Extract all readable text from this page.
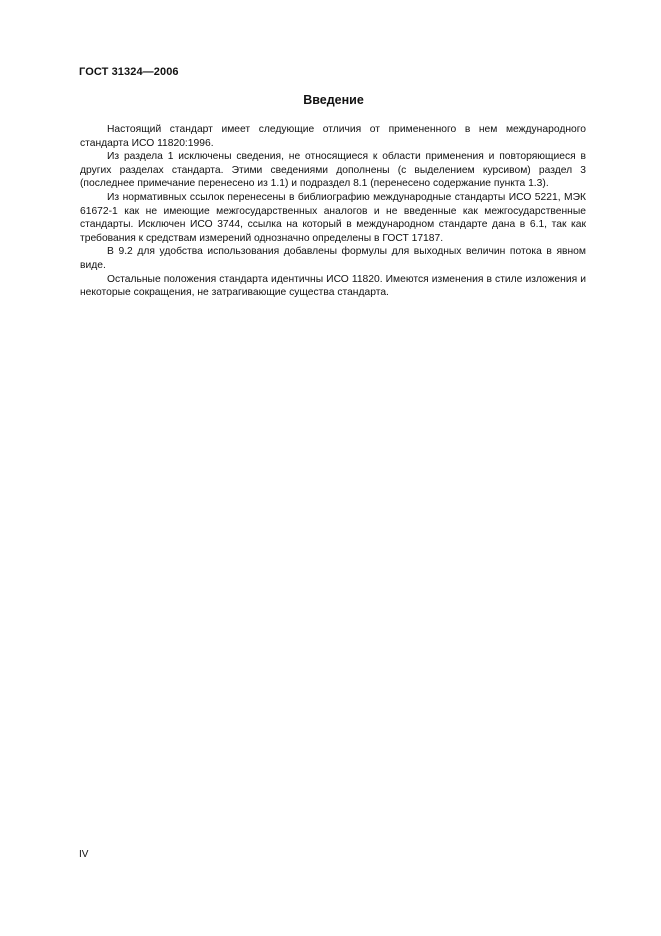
ГОСТ 31324—2006
Введение

Настоящий стандарт имеет следующие отличия от примененного в нем международного стандарта ИСО 11820:1996.

Из раздела 1 исключены сведения, не относящиеся к области применения и повторяющиеся в других разделах стандарта. Этими сведениями дополнены (с выделением курсивом) раздел 3 (последнее примечание перенесено из 1.1) и подраздел 8.1 (перенесено содержание пункта 1.3).

Из нормативных ссылок перенесены в библиографию международные стандарты ИСО 5221, МЭК 61672-1 как не имеющие межгосударственных аналогов и не введенные как межгосударственные стандарты. Исключен ИСО 3744, ссылка на который в международном стандарте дана в 6.1, так как требования к средствам измерений однозначно определены в ГОСТ 17187.

В 9.2 для удобства использования добавлены формулы для выходных величин потока в явном виде.

Остальные положения стандарта идентичны ИСО 11820. Имеются изменения в стиле изложения и некоторые сокращения, не затрагивающие существа стандарта.

IV
